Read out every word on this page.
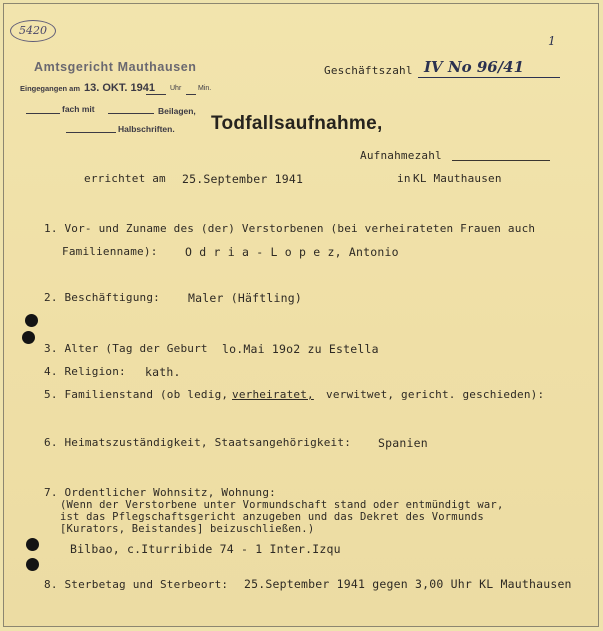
5420
1
Amtsgericht Mauthausen
Eingegangen am 13. OKT. 1941 Uhr Min.
fach mit	Beilagen,
Halbschriften.
Geschäftszahl IV No 96/41
Todfallsaufnahme,
Aufnahmezahl
errichtet am 25.September 1941	in KL Mauthausen
1. Vor- und Zuname des (der) Verstorbenen (bei verheirateten Frauen auch
Familienname): O d r i a - L o p e z, Antonio
2. Beschäftigung: Maler (Häftling)
3. Alter (Tag der Geburt lo.Mai 19o2 zu Estella
4. Religion: kath.
5. Familienstand (ob ledig, verheiratet, verwitwet, gericht. geschieden):
6. Heimatszuständigkeit, Staatsangehörigkeit: Spanien
7. Ordentlicher Wohnsitz, Wohnung:
(Wenn der Verstorbene unter Vormundschaft stand oder entmündigt war,
ist das Pflegschaftsgericht anzugeben und das Dekret des Vormunds
[Kurators, Beistandes] beizuschließen.)
Bilbao, c.Iturribide 74 - 1 Inter.Izqu
8. Sterbetag und Sterbeort: 25.September 1941 gegen 3,00 Uhr KL Mauthausen
